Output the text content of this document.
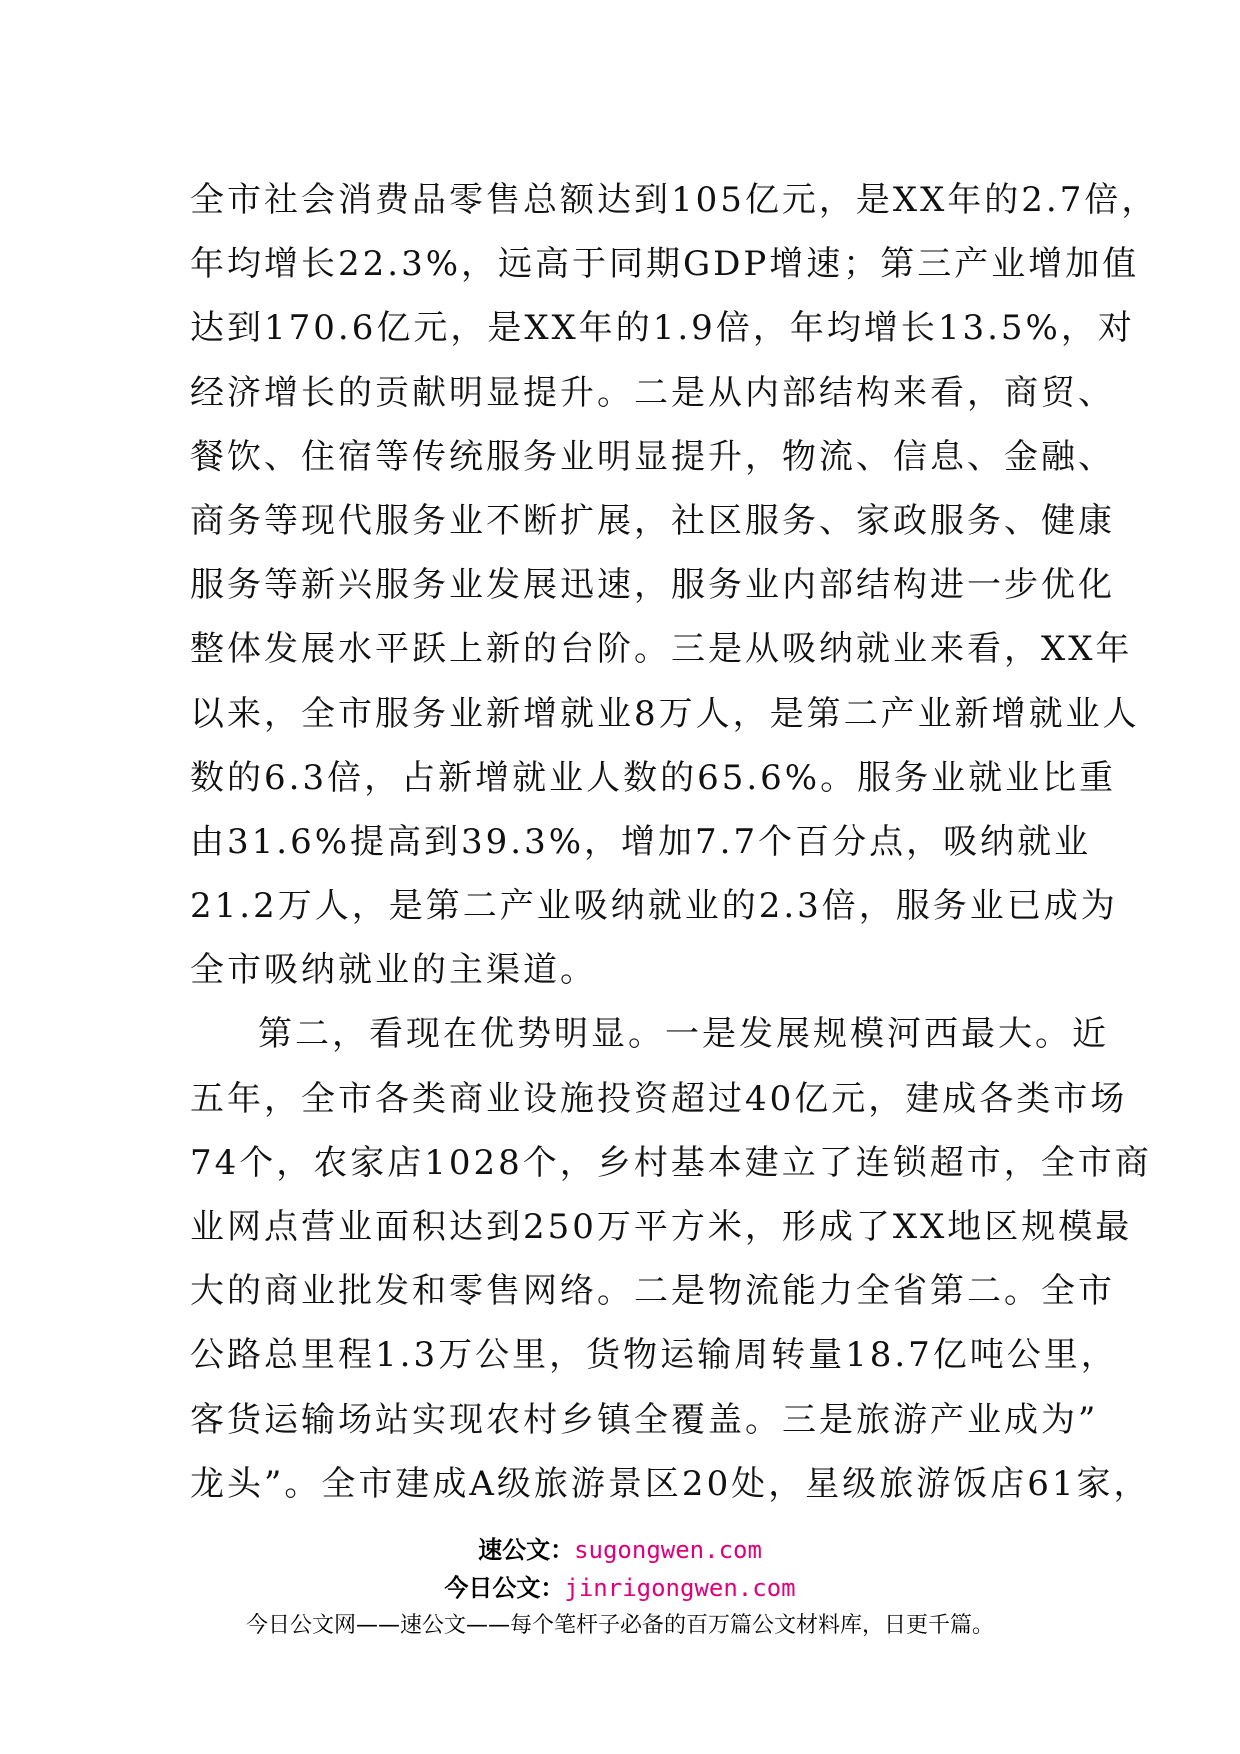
全市社会消费品零售总额达到105亿元，是XX年的2.7倍，
年均增长22.3%，远高于同期GDP增速；第三产业增加值
达到170.6亿元，是XX年的1.9倍，年均增长13.5%，对
经济增长的贡献明显提升。二是从内部结构来看，商贸、
餐饮、住宿等传统服务业明显提升，物流、信息、金融、
商务等现代服务业不断扩展，社区服务、家政服务、健康
服务等新兴服务业发展迅速，服务业内部结构进一步优化
整体发展水平跃上新的台阶。三是从吸纳就业来看，XX年
以来，全市服务业新增就业8万人，是第二产业新增就业人
数的6.3倍，占新增就业人数的65.6%。服务业就业比重
由31.6%提高到39.3%，增加7.7个百分点，吸纳就业
21.2万人，是第二产业吸纳就业的2.3倍，服务业已成为
全市吸纳就业的主渠道。
第二，看现在优势明显。一是发展规模河西最大。近
五年，全市各类商业设施投资超过40亿元，建成各类市场
74个，农家店1028个，乡村基本建立了连锁超市，全市商
业网点营业面积达到250万平方米，形成了XX地区规模最
大的商业批发和零售网络。二是物流能力全省第二。全市
公路总里程1.3万公里，货物运输周转量18.7亿吨公里，
客货运输场站实现农村乡镇全覆盖。三是旅游产业成为”
龙头”。全市建成A级旅游景区20处，星级旅游饭店61家，
速公文：sugongwen.com
今日公文：jinrigongwen.com
今日公文网——速公文——每个笔杆子必备的百万篇公文材料库，日更千篇。
